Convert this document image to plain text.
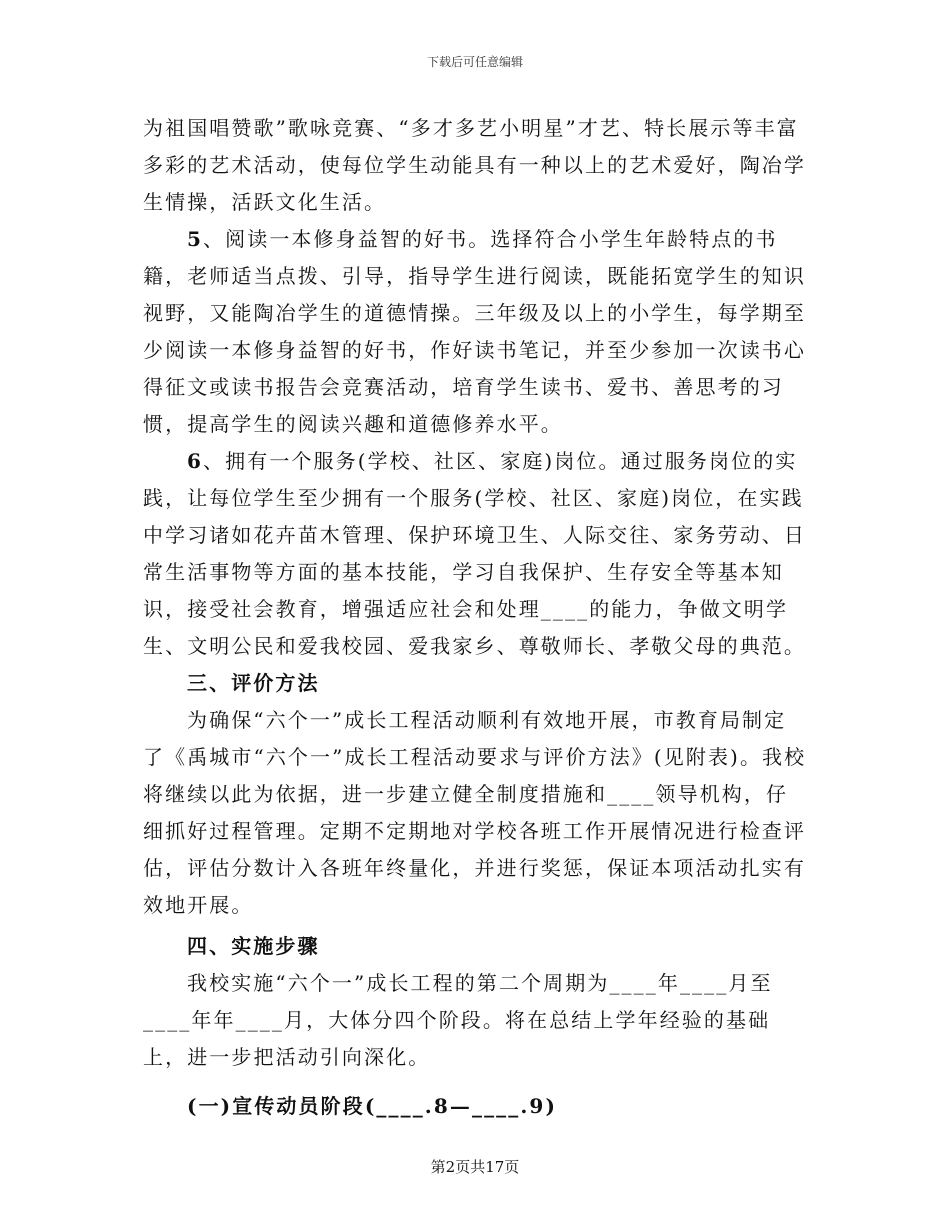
下载后可任意编辑

为祖国唱赞歌”歌咏竞赛、“多才多艺小明星”才艺、特长展示等丰富多彩的艺术活动，使每位学生动能具有一种以上的艺术爱好，陶冶学生情操，活跃文化生活。

5、阅读一本修身益智的好书。选择符合小学生年龄特点的书籍，老师适当点拨、引导，指导学生进行阅读，既能拓宽学生的知识视野，又能陶冶学生的道德情操。三年级及以上的小学生，每学期至少阅读一本修身益智的好书，作好读书笔记，并至少参加一次读书心得征文或读书报告会竞赛活动，培育学生读书、爱书、善思考的习惯，提高学生的阅读兴趣和道德修养水平。

6、拥有一个服务(学校、社区、家庭)岗位。通过服务岗位的实践，让每位学生至少拥有一个服务(学校、社区、家庭)岗位，在实践中学习诸如花卉苗木管理、保护环境卫生、人际交往、家务劳动、日常生活事物等方面的基本技能，学习自我保护、生存安全等基本知识，接受社会教育，增强适应社会和处理____的能力，争做文明学生、文明公民和爱我校园、爱我家乡、尊敬师长、孝敬父母的典范。

三、评价方法

为确保“六个一”成长工程活动顺利有效地开展，市教育局制定了《禹城市“六个一”成长工程活动要求与评价方法》(见附表)。我校将继续以此为依据，进一步建立健全制度措施和____领导机构，仔细抓好过程管理。定期不定期地对学校各班工作开展情况进行检查评估，评估分数计入各班年终量化，并进行奖惩，保证本项活动扎实有效地开展。

四、实施步骤

我校实施“六个一”成长工程的第二个周期为____年____月至____年年____月，大体分四个阶段。将在总结上学年经验的基础上，进一步把活动引向深化。

(一)宣传动员阶段(____.8—____.9)

第2页共17页
